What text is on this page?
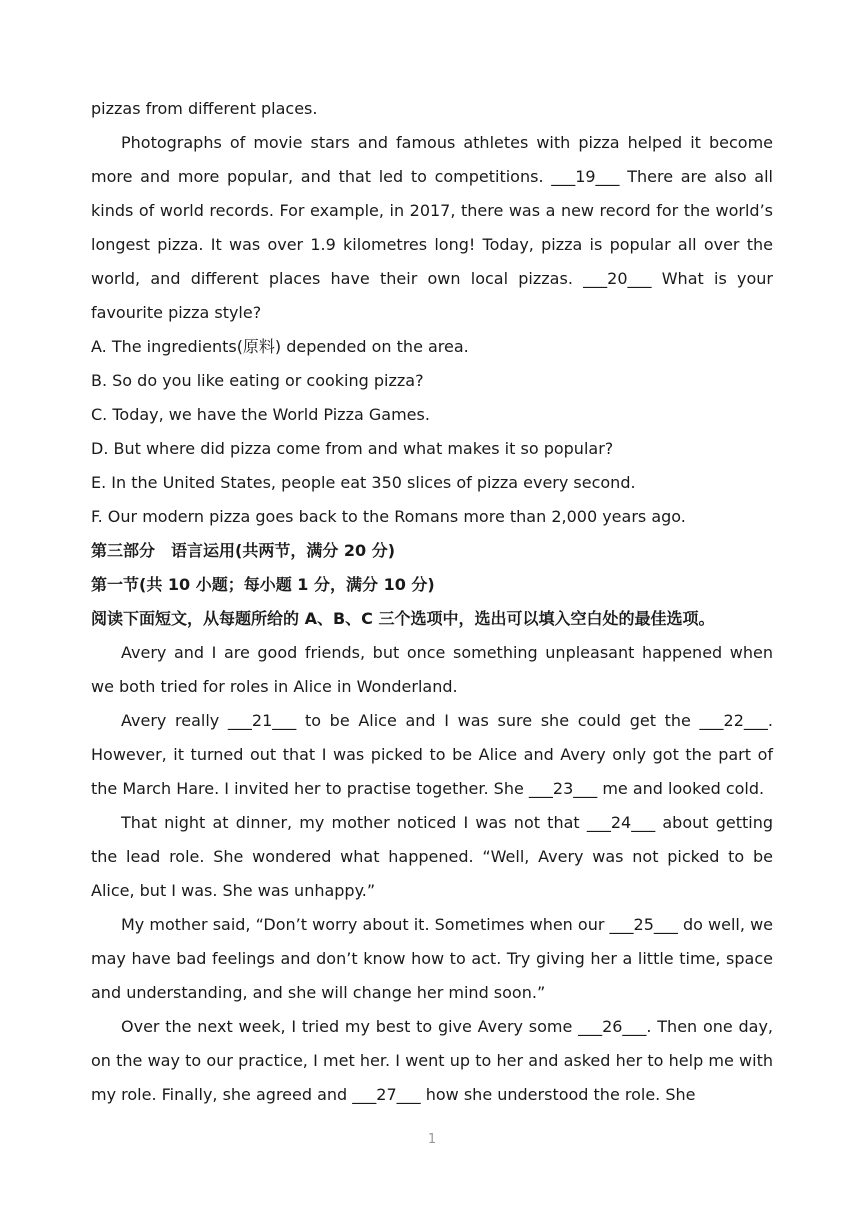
pizzas from different places.

Photographs of movie stars and famous athletes with pizza helped it become more and more popular, and that led to competitions. ___19___ There are also all kinds of world records. For example, in 2017, there was a new record for the world’s longest pizza. It was over 1.9 kilometres long! Today, pizza is popular all over the world, and different places have their own local pizzas. ___20___ What is your favourite pizza style?

A. The ingredients(原料) depended on the area.

B. So do you like eating or cooking pizza?

C. Today, we have the World Pizza Games.

D. But where did pizza come from and what makes it so popular?

E. In the United States, people eat 350 slices of pizza every second.

F. Our modern pizza goes back to the Romans more than 2,000 years ago.

第三部分　语言运用(共两节，满分 20 分)

第一节(共 10 小题；每小题 1 分，满分 10 分)

阅读下面短文，从每题所给的 A、B、C 三个选项中，选出可以填入空白处的最佳选项。

Avery and I are good friends, but once something unpleasant happened when we both tried for roles in Alice in Wonderland.

Avery really ___21___ to be Alice and I was sure she could get the ___22___. However, it turned out that I was picked to be Alice and Avery only got the part of the March Hare. I invited her to practise together. She ___23___ me and looked cold.

That night at dinner, my mother noticed I was not that ___24___ about getting the lead role. She wondered what happened. “Well, Avery was not picked to be Alice, but I was. She was unhappy.”

My mother said, “Don’t worry about it. Sometimes when our ___25___ do well, we may have bad feelings and don’t know how to act. Try giving her a little time, space and understanding, and she will change her mind soon.”

Over the next week, I tried my best to give Avery some ___26___. Then one day, on the way to our practice, I met her. I went up to her and asked her to help me with my role. Finally, she agreed and ___27___ how she understood the role. She

1
